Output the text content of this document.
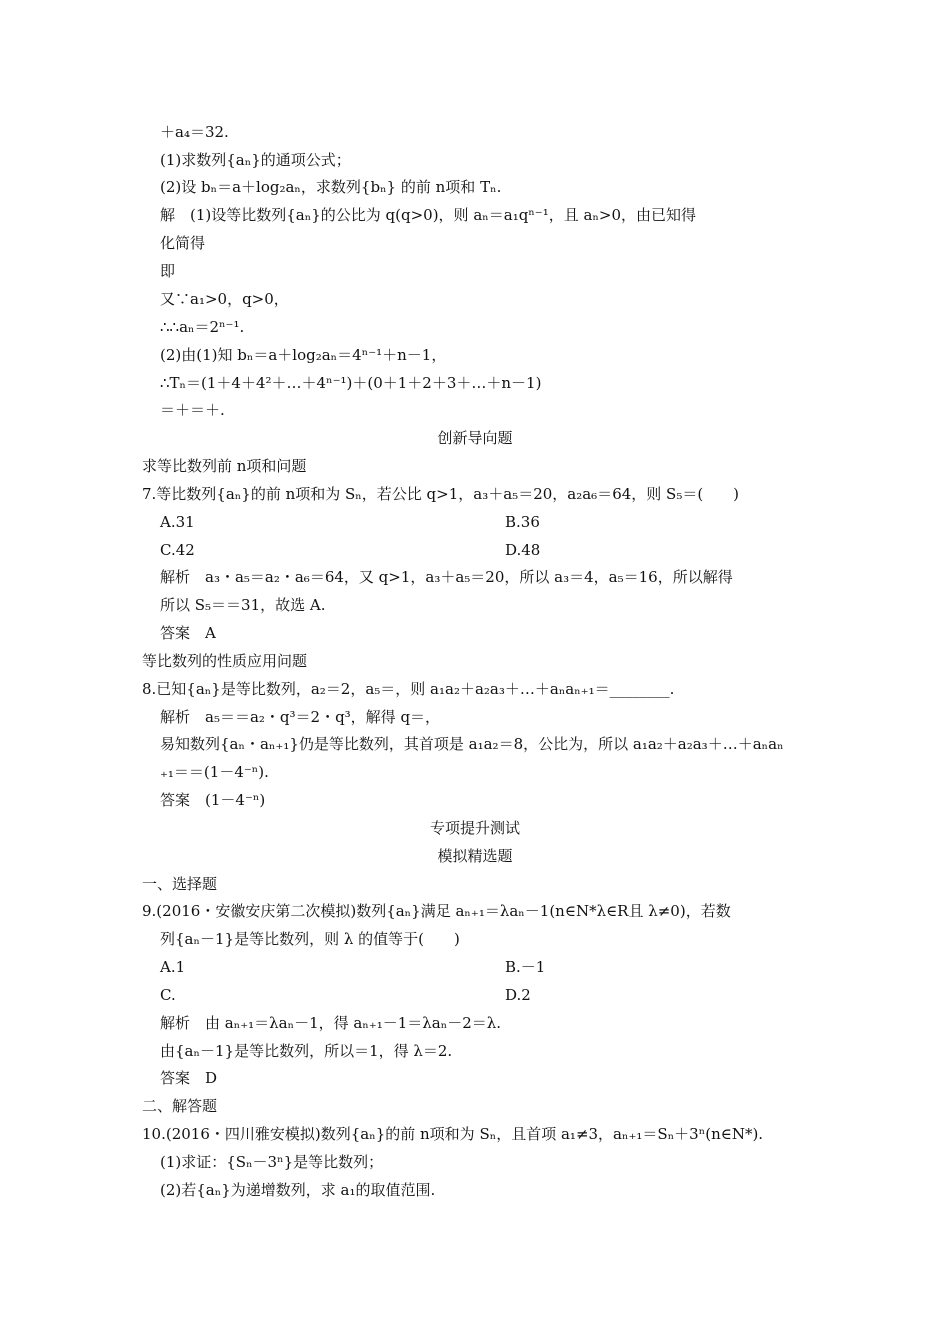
＋a₄＝32.
(1)求数列{aₙ}的通项公式；
(2)设 bₙ＝a＋log₂aₙ，求数列{bₙ} 的前 n项和 Tₙ.
解　(1)设等比数列{aₙ}的公比为 q(q>0)，则 aₙ＝a₁qⁿ⁻¹，且 aₙ>0，由已知得
化简得
即
又∵a₁>0，q>0，
∴∴aₙ＝2ⁿ⁻¹.
(2)由(1)知 bₙ＝a＋log₂aₙ＝4ⁿ⁻¹＋n－1，
∴Tₙ＝(1＋4＋4²＋…＋4ⁿ⁻¹)＋(0＋1＋2＋3＋…＋n－1)
＝＋＝＋.
创新导向题
求等比数列前 n项和问题
7.等比数列{aₙ}的前 n项和为 Sₙ，若公比 q>1，a₃＋a₅＝20，a₂a₆＝64，则 S₅＝(　　)
A.31	B.36
C.42	D.48
解析　a₃・a₅＝a₂・a₆＝64，又 q>1，a₃＋a₅＝20，所以 a₃＝4，a₅＝16，所以解得
所以 S₅＝＝31，故选 A.
答案　A
等比数列的性质应用问题
8.已知{aₙ}是等比数列，a₂＝2，a₅＝，则 a₁a₂＋a₂a₃＋…＋aₙaₙ₊₁＝________.
解析　a₅＝＝a₂・q³＝2・q³，解得 q＝，
易知数列{aₙ・aₙ₊₁}仍是等比数列，其首项是 a₁a₂＝8，公比为，所以 a₁a₂＋a₂a₃＋…＋aₙaₙ
₊₁＝＝(1－4⁻ⁿ).
答案　(1－4⁻ⁿ)
专项提升测试
模拟精选题
一、选择题
9.(2016・安徽安庆第二次模拟)数列{aₙ}满足 aₙ₊₁＝λaₙ－1(n∈N*λ∈R且 λ≠0)，若数
列{aₙ－1}是等比数列，则 λ 的值等于(　　)
A.1	B.－1
C.	D.2
解析　由 aₙ₊₁＝λaₙ－1，得 aₙ₊₁－1＝λaₙ－2＝λ.
由{aₙ－1}是等比数列，所以＝1，得 λ＝2.
答案　D
二、解答题
10.(2016・四川雅安模拟)数列{aₙ}的前 n项和为 Sₙ，且首项 a₁≠3，aₙ₊₁＝Sₙ＋3ⁿ(n∈N*).
(1)求证：{Sₙ－3ⁿ}是等比数列；
(2)若{aₙ}为递增数列，求 a₁的取值范围.
